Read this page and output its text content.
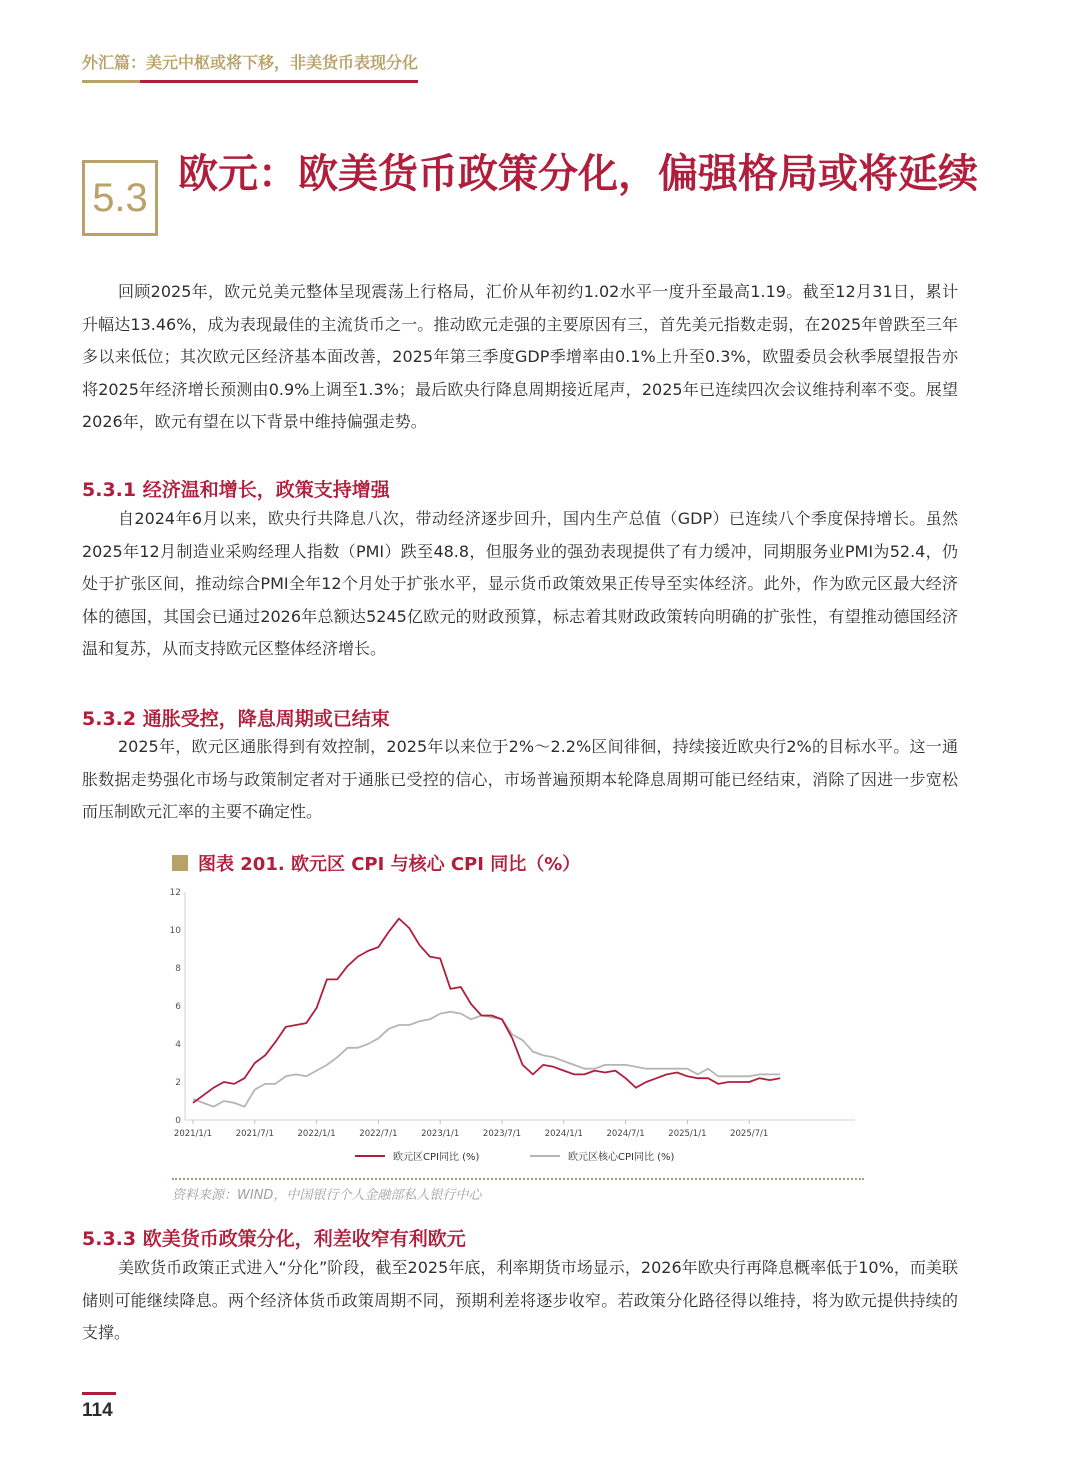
外汇篇：美元中枢或将下移，非美货币表现分化
5.3
欧元：欧美货币政策分化，偏强格局或将延续
回顾2025年，欧元兑美元整体呈现震荡上行格局，汇价从年初约1.02水平一度升至最高1.19。截至12月31日，累计升幅达13.46%，成为表现最佳的主流货币之一。推动欧元走强的主要原因有三，首先美元指数走弱，在2025年曾跌至三年多以来低位；其次欧元区经济基本面改善，2025年第三季度GDP季增率由0.1%上升至0.3%，欧盟委员会秋季展望报告亦将2025年经济增长预测由0.9%上调至1.3%；最后欧央行降息周期接近尾声，2025年已连续四次会议维持利率不变。展望2026年，欧元有望在以下背景中维持偏强走势。
5.3.1 经济温和增长，政策支持增强
自2024年6月以来，欧央行共降息八次，带动经济逐步回升，国内生产总值（GDP）已连续八个季度保持增长。虽然2025年12月制造业采购经理人指数（PMI）跌至48.8，但服务业的强劲表现提供了有力缓冲，同期服务业PMI为52.4，仍处于扩张区间，推动综合PMI全年12个月处于扩张水平，显示货币政策效果正传导至实体经济。此外，作为欧元区最大经济体的德国，其国会已通过2026年总额达5245亿欧元的财政预算，标志着其财政政策转向明确的扩张性，有望推动德国经济温和复苏，从而支持欧元区整体经济增长。
5.3.2 通胀受控，降息周期或已结束
2025年，欧元区通胀得到有效控制，2025年以来位于2%～2.2%区间徘徊，持续接近欧央行2%的目标水平。这一通胀数据走势强化市场与政策制定者对于通胀已受控的信心，市场普遍预期本轮降息周期可能已经结束，消除了因进一步宽松而压制欧元汇率的主要不确定性。
图表 201. 欧元区 CPI 与核心 CPI 同比（%）
0
2
4
6
8
10
12
2021/1/1	2021/7/1	2022/1/1	2022/7/1	2023/1/1	2023/7/1	2024/1/1	2024/7/1	2025/1/1	2025/7/1
欧元区CPI同比 (%)	欧元区核心CPI同比 (%)
资料来源：WIND，中国银行个人金融部私人银行中心
5.3.3 欧美货币政策分化，利差收窄有利欧元
美欧货币政策正式进入“分化”阶段，截至2025年底，利率期货市场显示，2026年欧央行再降息概率低于10%，而美联储则可能继续降息。两个经济体货币政策周期不同，预期利差将逐步收窄。若政策分化路径得以维持，将为欧元提供持续的支撑。
114
